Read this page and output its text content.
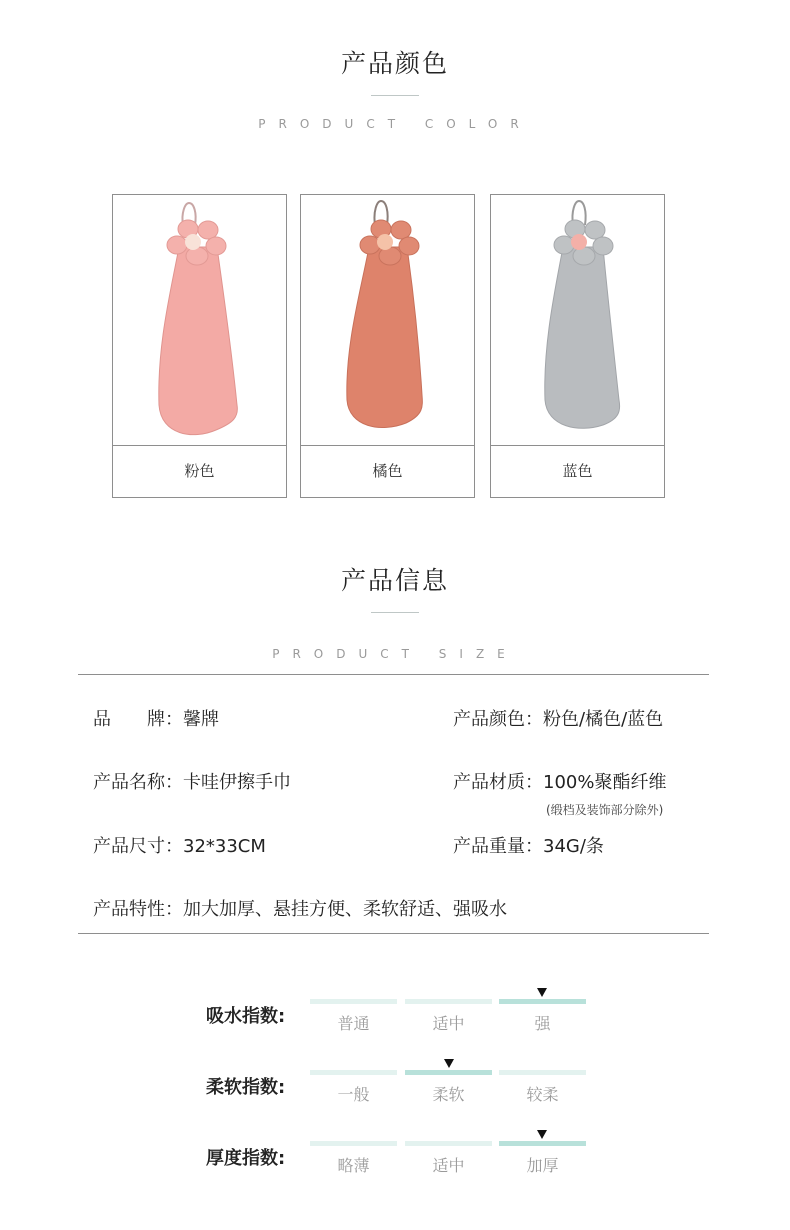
产品颜色
PRODUCT COLOR
粉色	橘色	蓝色
产品信息
PRODUCT SIZE
品　　牌：馨牌	产品颜色：粉色/橘色/蓝色
产品名称：卡哇伊擦手巾	产品材质：100%聚酯纤维
(缎档及装饰部分除外)
产品尺寸：32*33CM	产品重量：34G/条
产品特性：加大加厚、悬挂方便、柔软舒适、强吸水
吸水指数:	普通	适中	强
柔软指数:	一般	柔软	较柔
厚度指数:	略薄	适中	加厚
